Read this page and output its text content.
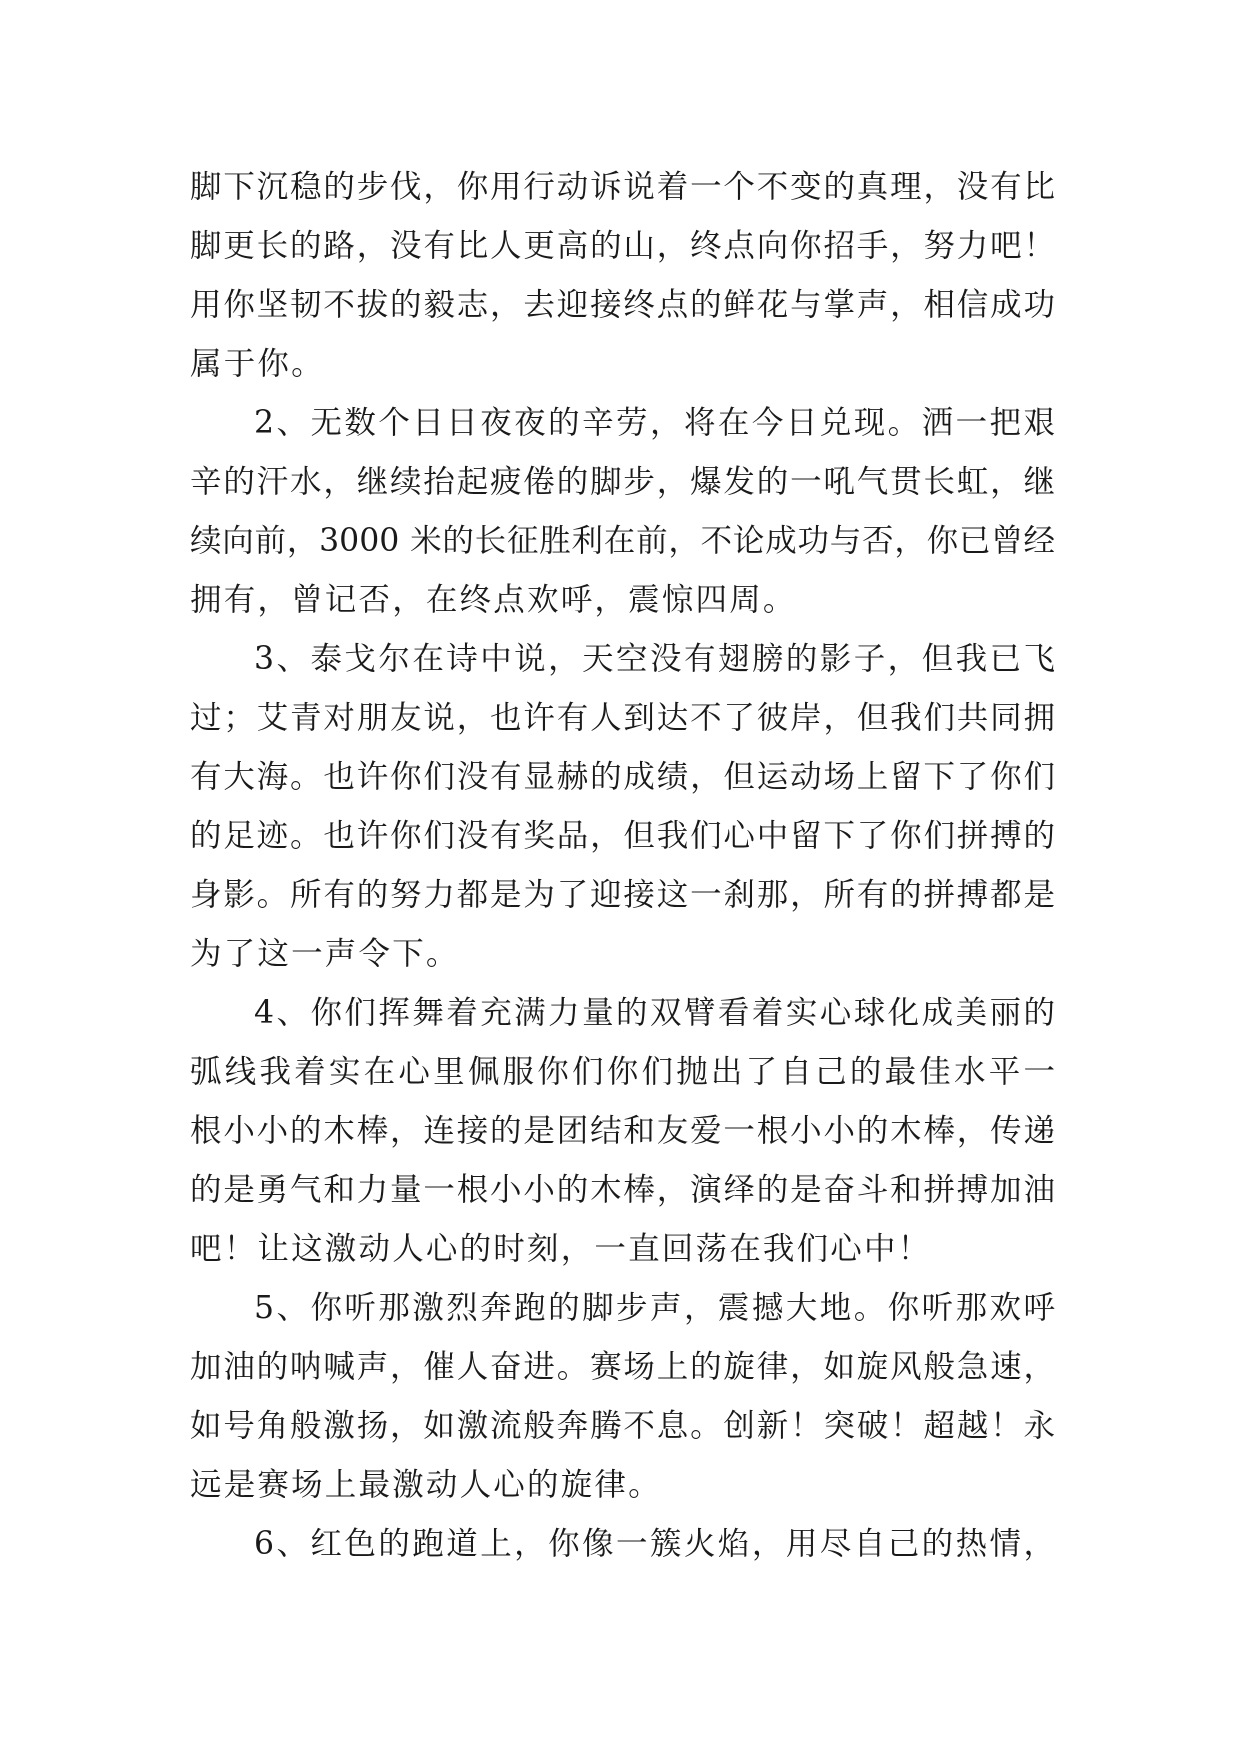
脚下沉稳的步伐，你用行动诉说着一个不变的真理，没有比
脚更长的路，没有比人更高的山，终点向你招手，努力吧！
用你坚韧不拔的毅志，去迎接终点的鲜花与掌声，相信成功
属于你。
2、无数个日日夜夜的辛劳，将在今日兑现。洒一把艰
辛的汗水，继续抬起疲倦的脚步，爆发的一吼气贯长虹，继
续向前，3000 米的长征胜利在前，不论成功与否，你已曾经
拥有，曾记否，在终点欢呼，震惊四周。
3、泰戈尔在诗中说，天空没有翅膀的影子，但我已飞
过；艾青对朋友说，也许有人到达不了彼岸，但我们共同拥
有大海。也许你们没有显赫的成绩，但运动场上留下了你们
的足迹。也许你们没有奖品，但我们心中留下了你们拼搏的
身影。所有的努力都是为了迎接这一刹那，所有的拼搏都是
为了这一声令下。
4、你们挥舞着充满力量的双臂看着实心球化成美丽的
弧线我着实在心里佩服你们你们抛出了自己的最佳水平一
根小小的木棒，连接的是团结和友爱一根小小的木棒，传递
的是勇气和力量一根小小的木棒，演绎的是奋斗和拼搏加油
吧！让这激动人心的时刻，一直回荡在我们心中！
5、你听那激烈奔跑的脚步声，震撼大地。你听那欢呼
加油的呐喊声，催人奋进。赛场上的旋律，如旋风般急速，
如号角般激扬，如激流般奔腾不息。创新！突破！超越！永
远是赛场上最激动人心的旋律。
6、红色的跑道上，你像一簇火焰，用尽自己的热情，
